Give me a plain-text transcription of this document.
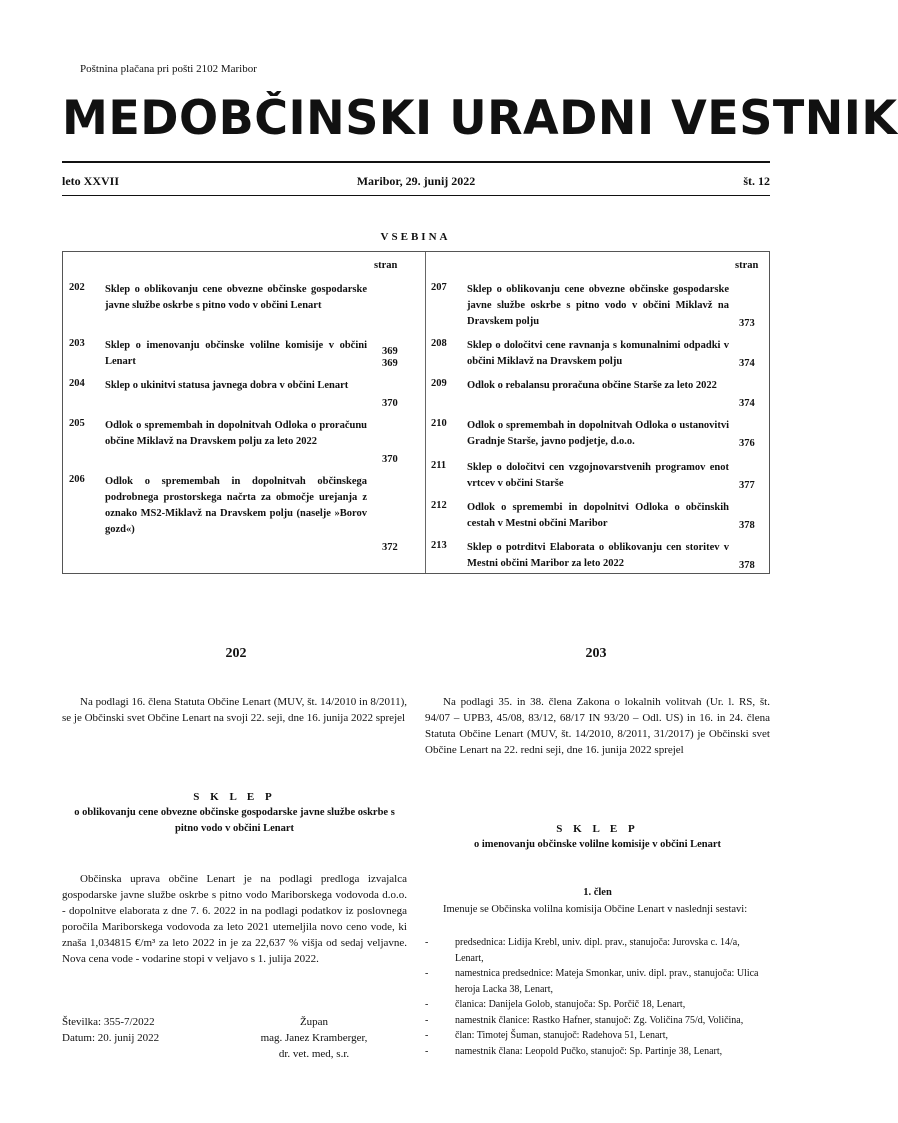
Poštnina plačana pri pošti 2102 Maribor
MEDOBČINSKI URADNI VESTNIK
leto XXVII	Maribor, 29. junij 2022	št. 12
VSEBINA
stran	stran
202 Sklep o oblikovanju cene obvezne občinske gospodarske javne službe oskrbe s pitno vodo v občini Lenart
369
203 Sklep o imenovanju občinske volilne komisije v občini Lenart	369
204 Sklep o ukinitvi statusa javnega dobra v občini Lenart
370
205 Odlok o spremembah in dopolnitvah Odloka o proračunu občine Miklavž na Dravskem polju za leto 2022
370
206 Odlok o spremembah in dopolnitvah občinskega podrobnega prostorskega načrta za območje urejanja z oznako MS2-Miklavž na Dravskem polju (naselje »Borov gozd«)
372
207 Sklep o oblikovanju cene obvezne občinske gospodarske javne službe oskrbe s pitno vodo v občini Miklavž na Dravskem polju	373
208 Sklep o določitvi cene ravnanja s komunalnimi odpadki v občini Miklavž na Dravskem polju	374
209 Odlok o rebalansu proračuna občine Starše za leto 2022
374
210 Odlok o spremembah in dopolnitvah Odloka o ustanovitvi Gradnje Starše, javno podjetje, d.o.o.	376
211 Sklep o določitvi cen vzgojnovarstvenih programov enot vrtcev v občini Starše	377
212 Odlok o spremembi in dopolnitvi Odloka o občinskih cestah v Mestni občini Maribor	378
213 Sklep o potrditvi Elaborata o oblikovanju cen storitev v Mestni občini Maribor za leto 2022	378
202
Na podlagi 16. člena Statuta Občine Lenart (MUV, št. 14/2010 in 8/2011), se je Občinski svet Občine Lenart na svoji 22. seji, dne 16. junija 2022 sprejel
S K L E P
o oblikovanju cene obvezne občinske gospodarske javne službe oskrbe s pitno vodo v občini Lenart
Občinska uprava občine Lenart je na podlagi predloga izvajalca gospodarske javne službe oskrbe s pitno vodo Mariborskega vodovoda d.o.o. - dopolnitve elaborata z dne 7. 6. 2022 in na podlagi podatkov iz poslovnega poročila Mariborskega vodovoda za leto 2021 utemeljila novo ceno vode, ki znaša 1,034815 €/m³ za leto 2022 in je za 22,637 % višja od sedaj veljavne. Nova cena vode - vodarine stopi v veljavo s 1. julija 2022.
Številka: 355-7/2022
Datum: 20. junij 2022
Župan
mag. Janez Kramberger,
dr. vet. med, s.r.
203
Na podlagi 35. in 38. člena Zakona o lokalnih volitvah (Ur. l. RS, št. 94/07 – UPB3, 45/08, 83/12, 68/17 IN 93/20 – Odl. US) in 16. in 24. člena Statuta Občine Lenart (MUV, št. 14/2010, 8/2011, 31/2017) je Občinski svet Občine Lenart na 22. redni seji, dne 16. junija 2022 sprejel
S K L E P
o imenovanju občinske volilne komisije v občini Lenart
1. člen
Imenuje se Občinska volilna komisija Občine Lenart v naslednji sestavi:
-	predsednica: Lidija Krebl, univ. dipl. prav., stanujoča: Jurovska c. 14/a, Lenart,
-	namestnica predsednice: Mateja Smonkar, univ. dipl. prav., stanujoča: Ulica heroja Lacka 38, Lenart,
-	članica: Danijela Golob, stanujoča: Sp. Porčič 18, Lenart,
-	namestnik članice: Rastko Hafner, stanujoč: Zg. Voličina 75/d, Voličina,
-	član: Timotej Šuman, stanujoč: Radehova 51, Lenart,
-	namestnik člana: Leopold Pučko, stanujoč: Sp. Partinje 38, Lenart,
